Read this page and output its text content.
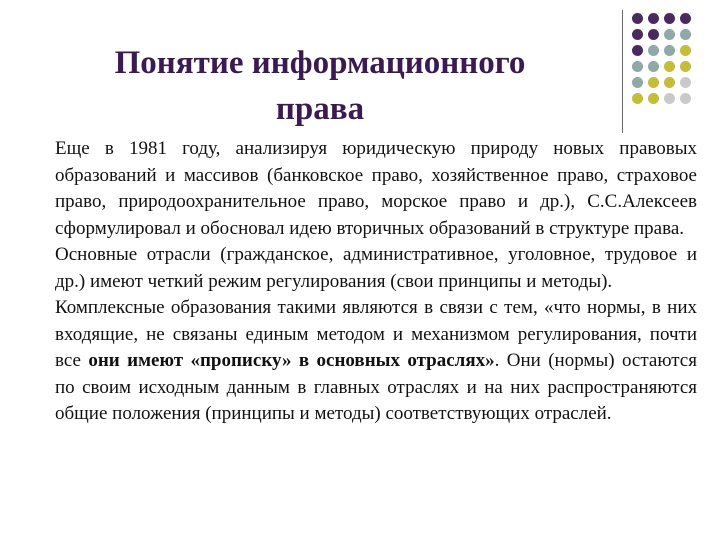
Понятие информационного
права

Еще в 1981 году, анализируя юридическую природу новых правовых образований и массивов (банковское право, хозяйственное право, страховое право, природоохранительное право, морское право и др.), С.С.Алексеев сформулировал и обосновал идею вторичных образований в структуре права.

Основные отрасли (гражданское, административное, уголовное, трудовое и др.) имеют четкий режим регулирования (свои принципы и методы).

Комплексные образования такими являются в связи с тем, «что нормы, в них входящие, не связаны единым методом и механизмом регулирования, почти все они имеют «прописку» в основных отраслях». Они (нормы) остаются по своим исходным данным в главных отраслях и на них распространяются общие положения (принципы и методы) соответствующих отраслей.
